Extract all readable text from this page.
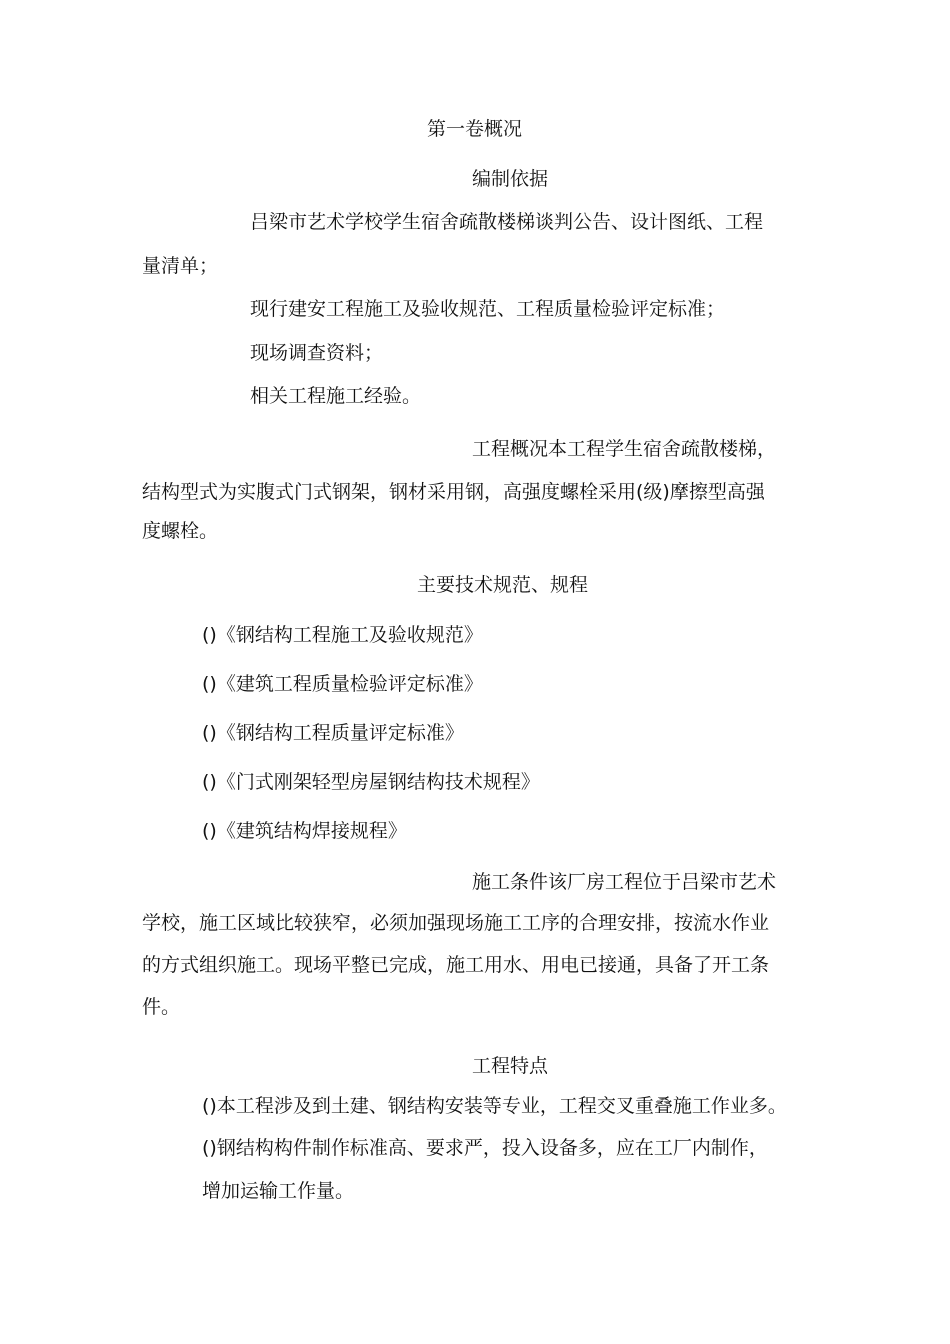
第一卷概况
编制依据

吕梁市艺术学校学生宿舍疏散楼梯谈判公告、设计图纸、工程

量清单；

现行建安工程施工及验收规范、工程质量检验评定标准；

现场调查资料；

相关工程施工经验。

工程概况本工程学生宿舍疏散楼梯，

结构型式为实腹式门式钢架，钢材采用钢，高强度螺栓采用(级)摩擦型高强

度螺栓。

主要技术规范、规程

()《钢结构工程施工及验收规范》

()《建筑工程质量检验评定标准》

()《钢结构工程质量评定标准》

()《门式刚架轻型房屋钢结构技术规程》

()《建筑结构焊接规程》

施工条件该厂房工程位于吕梁市艺术

学校，施工区域比较狭窄，必须加强现场施工工序的合理安排，按流水作业

的方式组织施工。现场平整已完成，施工用水、用电已接通，具备了开工条

件。

工程特点

()本工程涉及到土建、钢结构安装等专业，工程交叉重叠施工作业多。

()钢结构构件制作标准高、要求严，投入设备多，应在工厂内制作，

增加运输工作量。
